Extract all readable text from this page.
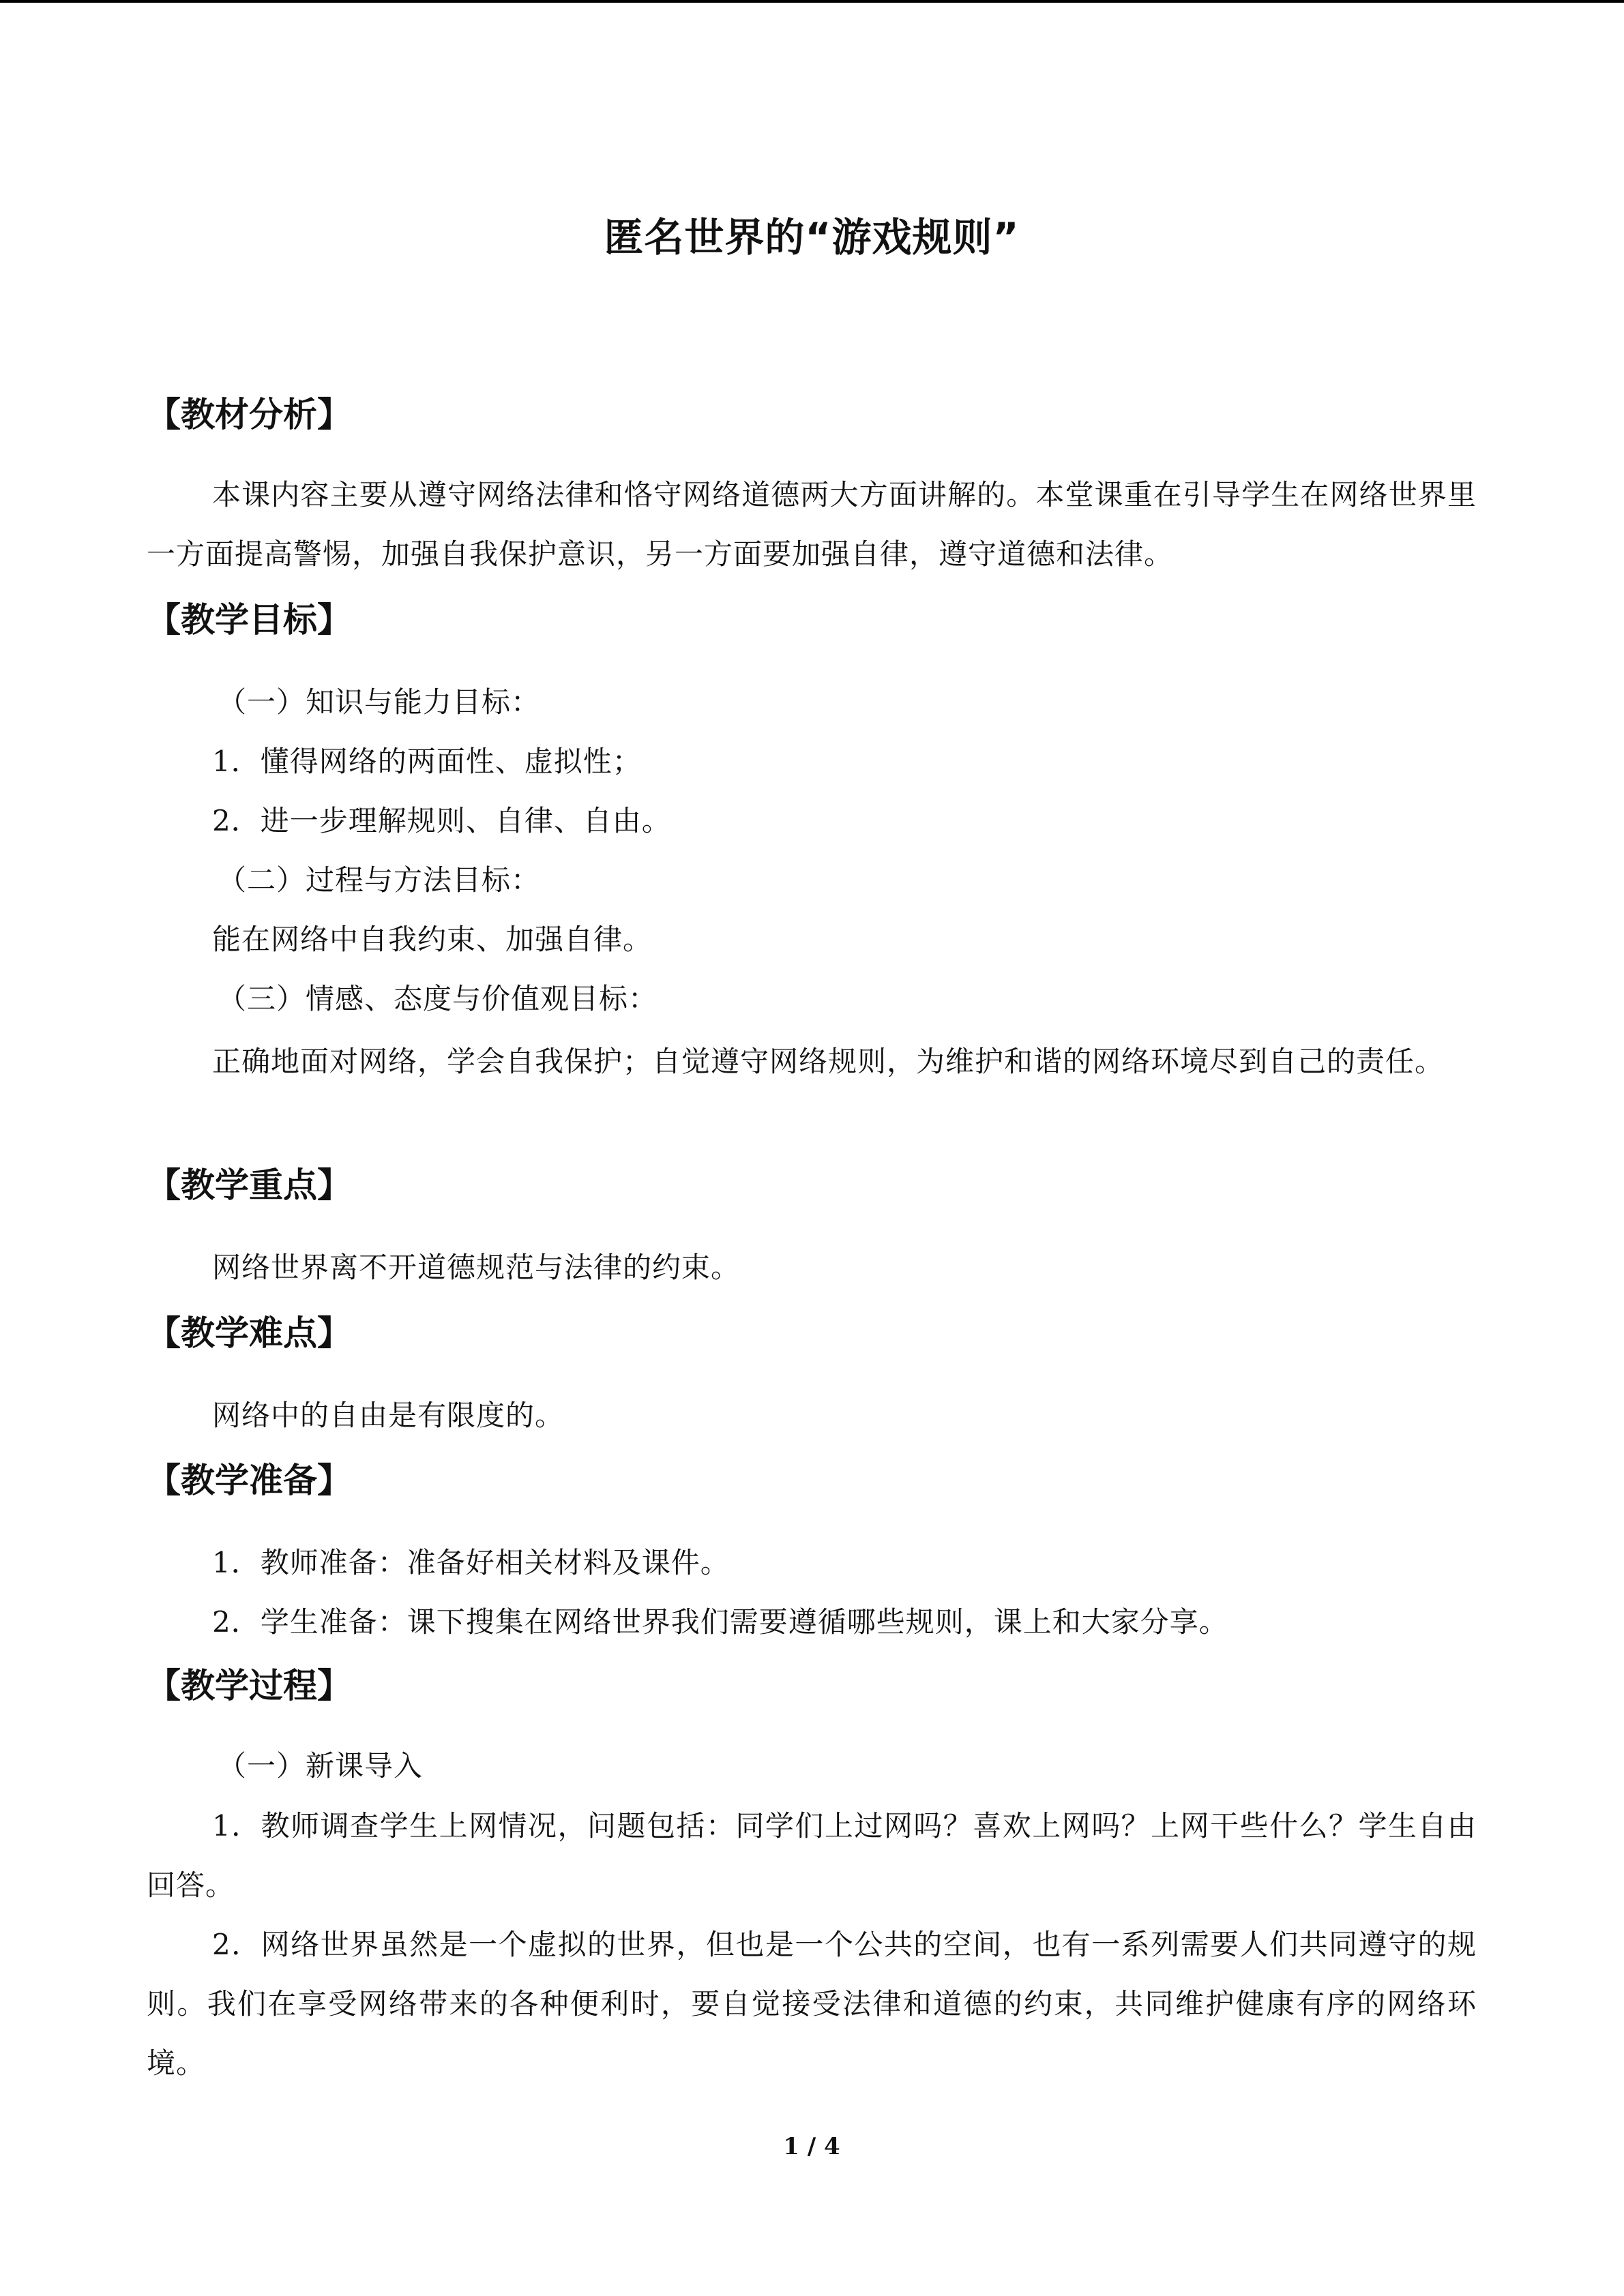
匿名世界的“游戏规则”
【教材分析】
本课内容主要从遵守网络法律和恪守网络道德两大方面讲解的。本堂课重在引导学生在网络世界里一方面提高警惕，加强自我保护意识，另一方面要加强自律，遵守道德和法律。
【教学目标】
（一）知识与能力目标：
1．懂得网络的两面性、虚拟性；
2．进一步理解规则、自律、自由。
（二）过程与方法目标：
能在网络中自我约束、加强自律。
（三）情感、态度与价值观目标：
正确地面对网络，学会自我保护；自觉遵守网络规则，为维护和谐的网络环境尽到自己的责任。
【教学重点】
网络世界离不开道德规范与法律的约束。
【教学难点】
网络中的自由是有限度的。
【教学准备】
1．教师准备：准备好相关材料及课件。
2．学生准备：课下搜集在网络世界我们需要遵循哪些规则，课上和大家分享。
【教学过程】
（一）新课导入
1．教师调查学生上网情况，问题包括：同学们上过网吗？喜欢上网吗？上网干些什么？学生自由回答。
2．网络世界虽然是一个虚拟的世界，但也是一个公共的空间，也有一系列需要人们共同遵守的规则。我们在享受网络带来的各种便利时，要自觉接受法律和道德的约束，共同维护健康有序的网络环境。
1 / 4
